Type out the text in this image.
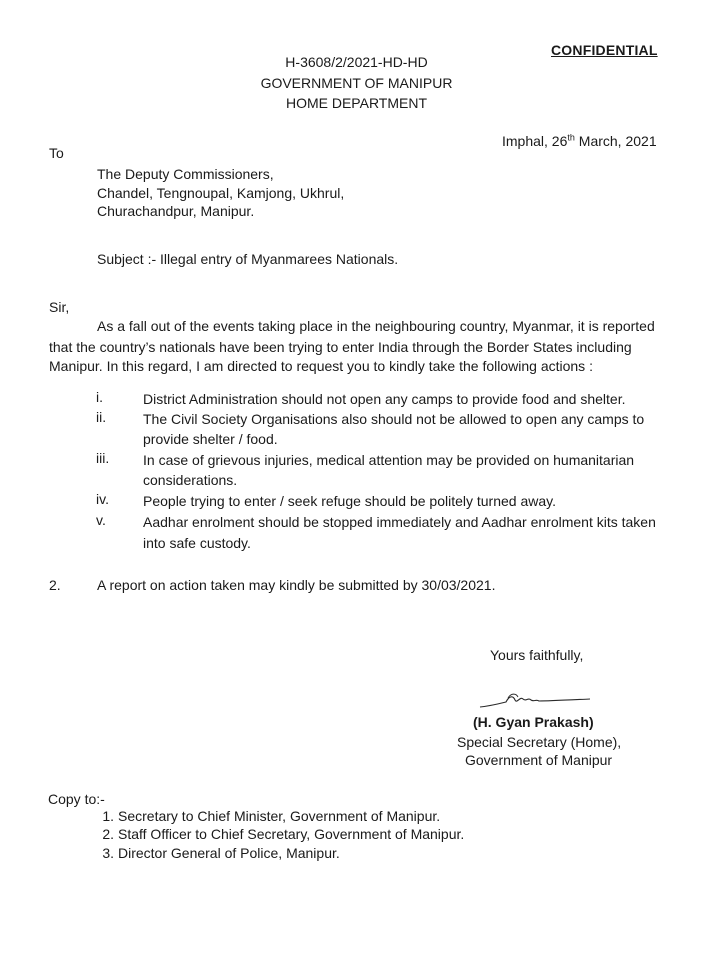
CONFIDENTIAL
H-3608/2/2021-HD-HD
GOVERNMENT OF MANIPUR
HOME DEPARTMENT
Imphal, 26th March, 2021
To
The Deputy Commissioners,
Chandel, Tengnoupal, Kamjong, Ukhrul,
Churachandpur, Manipur.
Subject :- Illegal entry of Myanmarees Nationals.
Sir,
As a fall out of the events taking place in the neighbouring country, Myanmar, it is reported
that the country’s nationals have been trying to enter India through the Border States including
Manipur. In this regard, I am directed to request you to kindly take the following actions :
i.	District Administration should not open any camps to provide food and shelter.
ii.	The Civil Society Organisations also should not be allowed to open any camps to
provide shelter / food.
iii.	In case of grievous injuries, medical attention may be provided on humanitarian
considerations.
iv.	People trying to enter / seek refuge should be politely turned away.
v.	Aadhar enrolment should be stopped immediately and Aadhar enrolment kits taken
into safe custody.
2.	A report on action taken may kindly be submitted by 30/03/2021.
Yours faithfully,
(H. Gyan Prakash)
Special Secretary (Home),
Government of Manipur
Copy to:-
1. Secretary to Chief Minister, Government of Manipur.
2. Staff Officer to Chief Secretary, Government of Manipur.
3. Director General of Police, Manipur.
